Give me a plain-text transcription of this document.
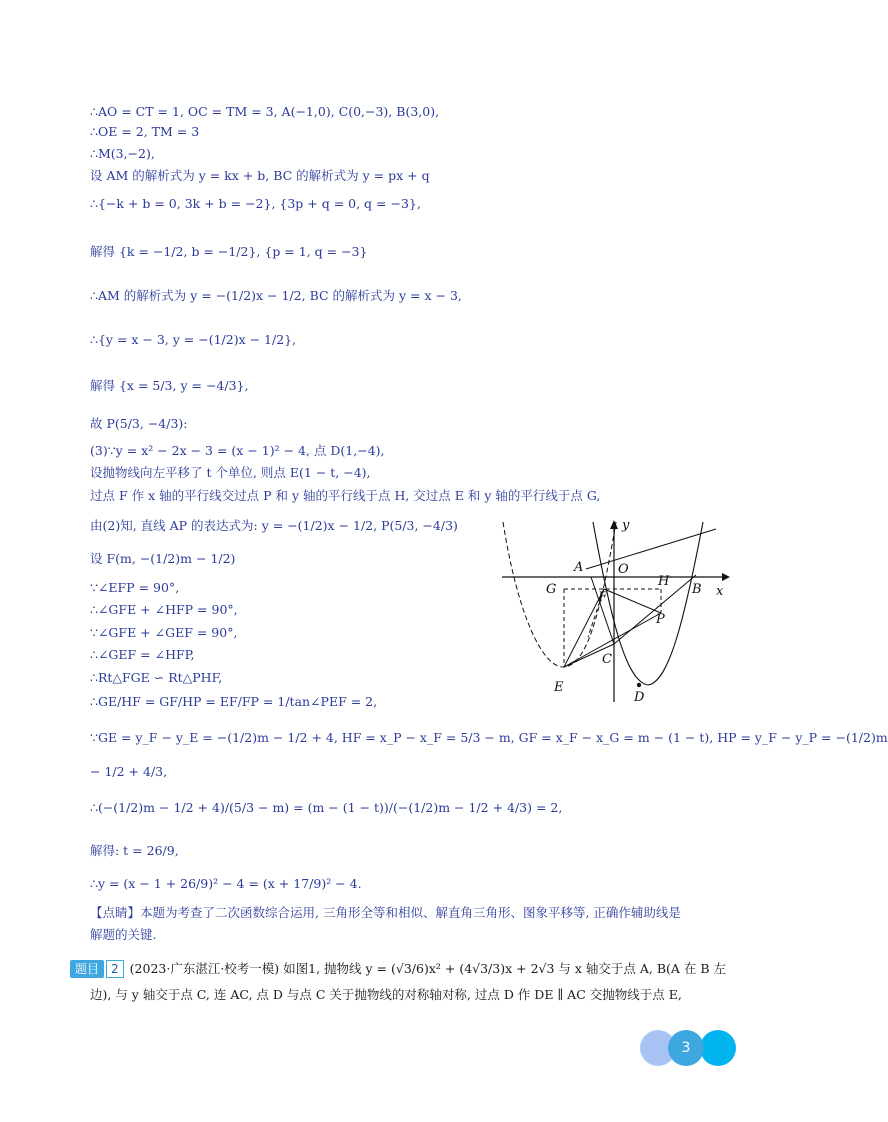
∴AO = CT = 1, OC = TM = 3, A(−1,0), C(0,−3), B(3,0),
∴OE = 2, TM = 3
∴M(3,−2),
设 AM 的解析式为 y = kx + b, BC 的解析式为 y = px + q
∴{−k + b = 0, 3k + b = −2}, {3p + q = 0, q = −3},
解得 {k = −1/2, b = −1/2}, {p = 1, q = −3}
∴AM 的解析式为 y = −(1/2)x − 1/2, BC 的解析式为 y = x − 3,
∴{y = x − 3, y = −(1/2)x − 1/2},
解得 {x = 5/3, y = −4/3},
故 P(5/3, −4/3):
(3)∵y = x² − 2x − 3 = (x − 1)² − 4, 点 D(1,−4),
设抛物线向左平移了 t 个单位, 则点 E(1 − t, −4),
过点 F 作 x 轴的平行线交过点 P 和 y 轴的平行线于点 H, 交过点 E 和 y 轴的平行线于点 G,
由(2)知, 直线 AP 的表达式为: y = −(1/2)x − 1/2, P(5/3, −4/3)
设 F(m, −(1/2)m − 1/2)
∵∠EFP = 90°,
∴∠GFE + ∠HFP = 90°,
∵∠GFE + ∠GEF = 90°,
∴∠GEF = ∠HFP,
∴Rt△FGE ∽ Rt△PHF,
∴GE/HF = GF/HP = EF/FP = 1/tan∠PEF = 2,
∵GE = y_F − y_E = −(1/2)m − 1/2 + 4, HF = x_P − x_F = 5/3 − m, GF = x_F − x_G = m − (1 − t), HP = y_F − y_P = −(1/2)m
− 1/2 + 4/3,
∴(−(1/2)m − 1/2 + 4)/(5/3 − m) = (m − (1 − t))/(−(1/2)m − 1/2 + 4/3) = 2,
解得: t = 26/9,
∴y = (x − 1 + 26/9)² − 4 = (x + 17/9)² − 4.
【点睛】本题为考查了二次函数综合运用, 三角形全等和相似、解直角三角形、图象平移等, 正确作辅助线是
解题的关键.
题目 2 (2023·广东湛江·校考一模) 如图1, 抛物线 y = (√3/6)x² + (4√3/3)x + 2√3 与 x 轴交于点 A, B(A 在 B 左
边), 与 y 轴交于点 C, 连 AC, 点 D 与点 C 关于抛物线的对称轴对称, 过点 D 作 DE ∥ AC 交抛物线于点 E,
y
x
O
A
B
G
H
F
P
C
E
D
3
